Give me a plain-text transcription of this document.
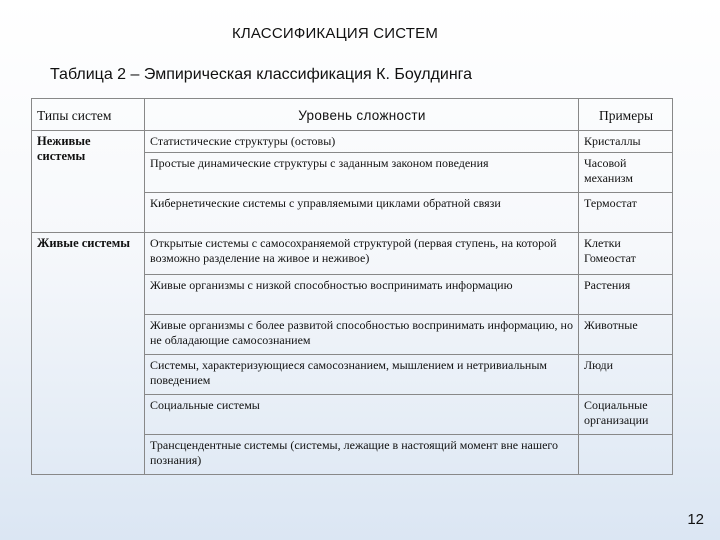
КЛАССИФИКАЦИЯ СИСТЕМ
Таблица 2 – Эмпирическая классификация К. Боулдинга
Типы систем	Уровень сложности	Примеры
Неживые системы	Статистические структуры (остовы)	Кристаллы
	Простые динамические структуры с заданным законом поведения	Часовой механизм
	Кибернетические системы с управляемыми циклами обратной связи	Термостат
Живые системы	Открытые системы с самосохраняемой структурой (первая ступень, на которой возможно разделение на живое и неживое)	Клетки Гомеостат
	Живые организмы с низкой способностью воспринимать информацию	Растения
	Живые организмы с более развитой способностью воспринимать информацию, но не обладающие самосознанием	Животные
	Системы, характеризующиеся самосознанием, мышлением и нетривиальным поведением	Люди
	Социальные системы	Социальные организации
	Трансцендентные системы (системы, лежащие в настоящий момент вне нашего познания)	
12
